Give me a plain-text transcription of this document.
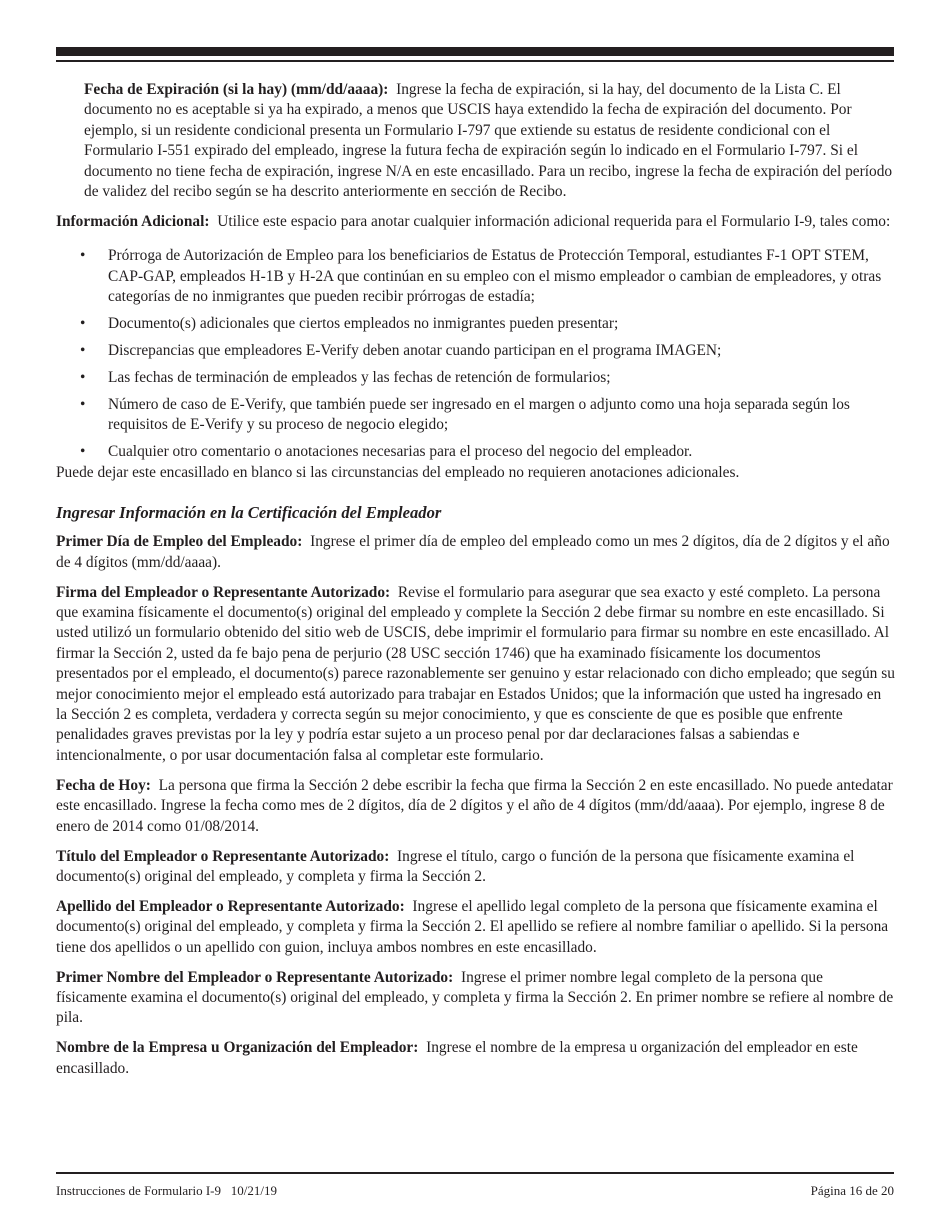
Fecha de Expiración (si la hay) (mm/dd/aaaa): Ingrese la fecha de expiración, si la hay, del documento de la Lista C. El documento no es aceptable si ya ha expirado, a menos que USCIS haya extendido la fecha de expiración del documento. Por ejemplo, si un residente condicional presenta un Formulario I-797 que extiende su estatus de residente condicional con el Formulario I-551 expirado del empleado, ingrese la futura fecha de expiración según lo indicado en el Formulario I-797. Si el documento no tiene fecha de expiración, ingrese N/A en este encasillado. Para un recibo, ingrese la fecha de expiración del período de validez del recibo según se ha descrito anteriormente en sección de Recibo.

Información Adicional: Utilice este espacio para anotar cualquier información adicional requerida para el Formulario I-9, tales como:

• Prórroga de Autorización de Empleo para los beneficiarios de Estatus de Protección Temporal, estudiantes F-1 OPT STEM, CAP-GAP, empleados H-1B y H-2A que continúan en su empleo con el mismo empleador o cambian de empleadores, y otras categorías de no inmigrantes que pueden recibir prórrogas de estadía;
• Documento(s) adicionales que ciertos empleados no inmigrantes pueden presentar;
• Discrepancias que empleadores E-Verify deben anotar cuando participan en el programa IMAGEN;
• Las fechas de terminación de empleados y las fechas de retención de formularios;
• Número de caso de E-Verify, que también puede ser ingresado en el margen o adjunto como una hoja separada según los requisitos de E-Verify y su proceso de negocio elegido;
• Cualquier otro comentario o anotaciones necesarias para el proceso del negocio del empleador.

Puede dejar este encasillado en blanco si las circunstancias del empleado no requieren anotaciones adicionales.

Ingresar Información en la Certificación del Empleador

Primer Día de Empleo del Empleado: Ingrese el primer día de empleo del empleado como un mes 2 dígitos, día de 2 dígitos y el año de 4 dígitos (mm/dd/aaaa).

Firma del Empleador o Representante Autorizado: Revise el formulario para asegurar que sea exacto y esté completo. La persona que examina físicamente el documento(s) original del empleado y complete la Sección 2 debe firmar su nombre en este encasillado. Si usted utilizó un formulario obtenido del sitio web de USCIS, debe imprimir el formulario para firmar su nombre en este encasillado. Al firmar la Sección 2, usted da fe bajo pena de perjurio (28 USC sección 1746) que ha examinado físicamente los documentos presentados por el empleado, el documento(s) parece razonablemente ser genuino y estar relacionado con dicho empleado; que según su mejor conocimiento mejor el empleado está autorizado para trabajar en Estados Unidos; que la información que usted ha ingresado en la Sección 2 es completa, verdadera y correcta según su mejor conocimiento, y que es consciente de que es posible que enfrente penalidades graves previstas por la ley y podría estar sujeto a un proceso penal por dar declaraciones falsas a sabiendas e intencionalmente, o por usar documentación falsa al completar este formulario.

Fecha de Hoy: La persona que firma la Sección 2 debe escribir la fecha que firma la Sección 2 en este encasillado. No puede antedatar este encasillado. Ingrese la fecha como mes de 2 dígitos, día de 2 dígitos y el año de 4 dígitos (mm/dd/aaaa). Por ejemplo, ingrese 8 de enero de 2014 como 01/08/2014.

Título del Empleador o Representante Autorizado: Ingrese el título, cargo o función de la persona que físicamente examina el documento(s) original del empleado, y completa y firma la Sección 2.

Apellido del Empleador o Representante Autorizado: Ingrese el apellido legal completo de la persona que físicamente examina el documento(s) original del empleado, y completa y firma la Sección 2. El apellido se refiere al nombre familiar o apellido. Si la persona tiene dos apellidos o un apellido con guion, incluya ambos nombres en este encasillado.

Primer Nombre del Empleador o Representante Autorizado: Ingrese el primer nombre legal completo de la persona que físicamente examina el documento(s) original del empleado, y completa y firma la Sección 2. En primer nombre se refiere al nombre de pila.

Nombre de la Empresa u Organización del Empleador: Ingrese el nombre de la empresa u organización del empleador en este encasillado.

Instrucciones de Formulario I-9   10/21/19	Página 16 de 20
